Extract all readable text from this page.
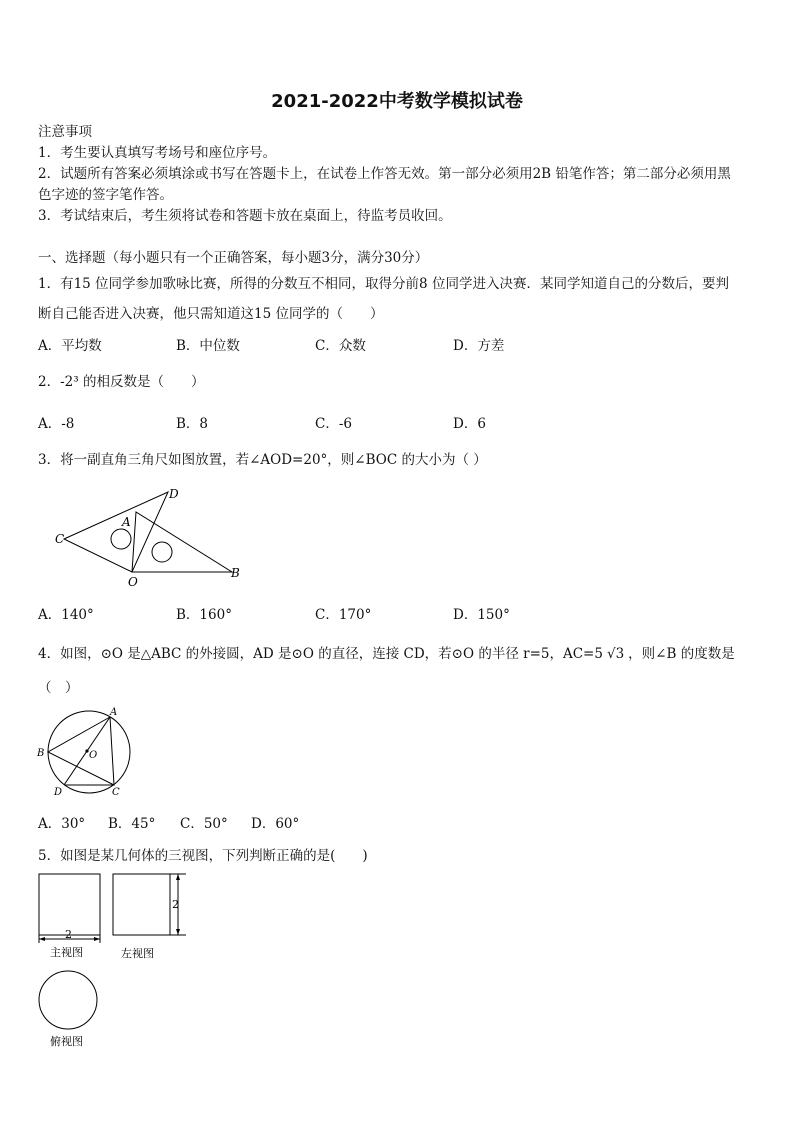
2021-2022中考数学模拟试卷
注意事项
1．考生要认真填写考场号和座位序号。
2．试题所有答案必须填涂或书写在答题卡上，在试卷上作答无效。第一部分必须用2B 铅笔作答；第二部分必须用黑
色字迹的签字笔作答。
3．考试结束后，考生须将试卷和答题卡放在桌面上，待监考员收回。
一、选择题（每小题只有一个正确答案，每小题3分，满分30分）
1．有15 位同学参加歌咏比赛，所得的分数互不相同，取得分前8 位同学进入决赛．某同学知道自己的分数后，要判
断自己能否进入决赛，他只需知道这15 位同学的（　　）
A．平均数	B．中位数	C．众数	D．方差
2．-2³ 的相反数是（　　）
A．-8	B．8	C．-6	D．6
3．将一副直角三角尺如图放置，若∠AOD=20°，则∠BOC 的大小为（ ）
C
A
D
O
B
A．140°	B．160°	C．170°	D．150°
4．如图，⊙O 是△ABC 的外接圆，AD 是⊙O 的直径，连接 CD，若⊙O 的半径 r=5，AC=5 √3 ，则∠B 的度数是
（　）
A
B	O
D	C
A．30° B．45° C．50° D．60°
5．如图是某几何体的三视图，下列判断正确的是(　　)
2
主视图
2
左视图
俯视图
